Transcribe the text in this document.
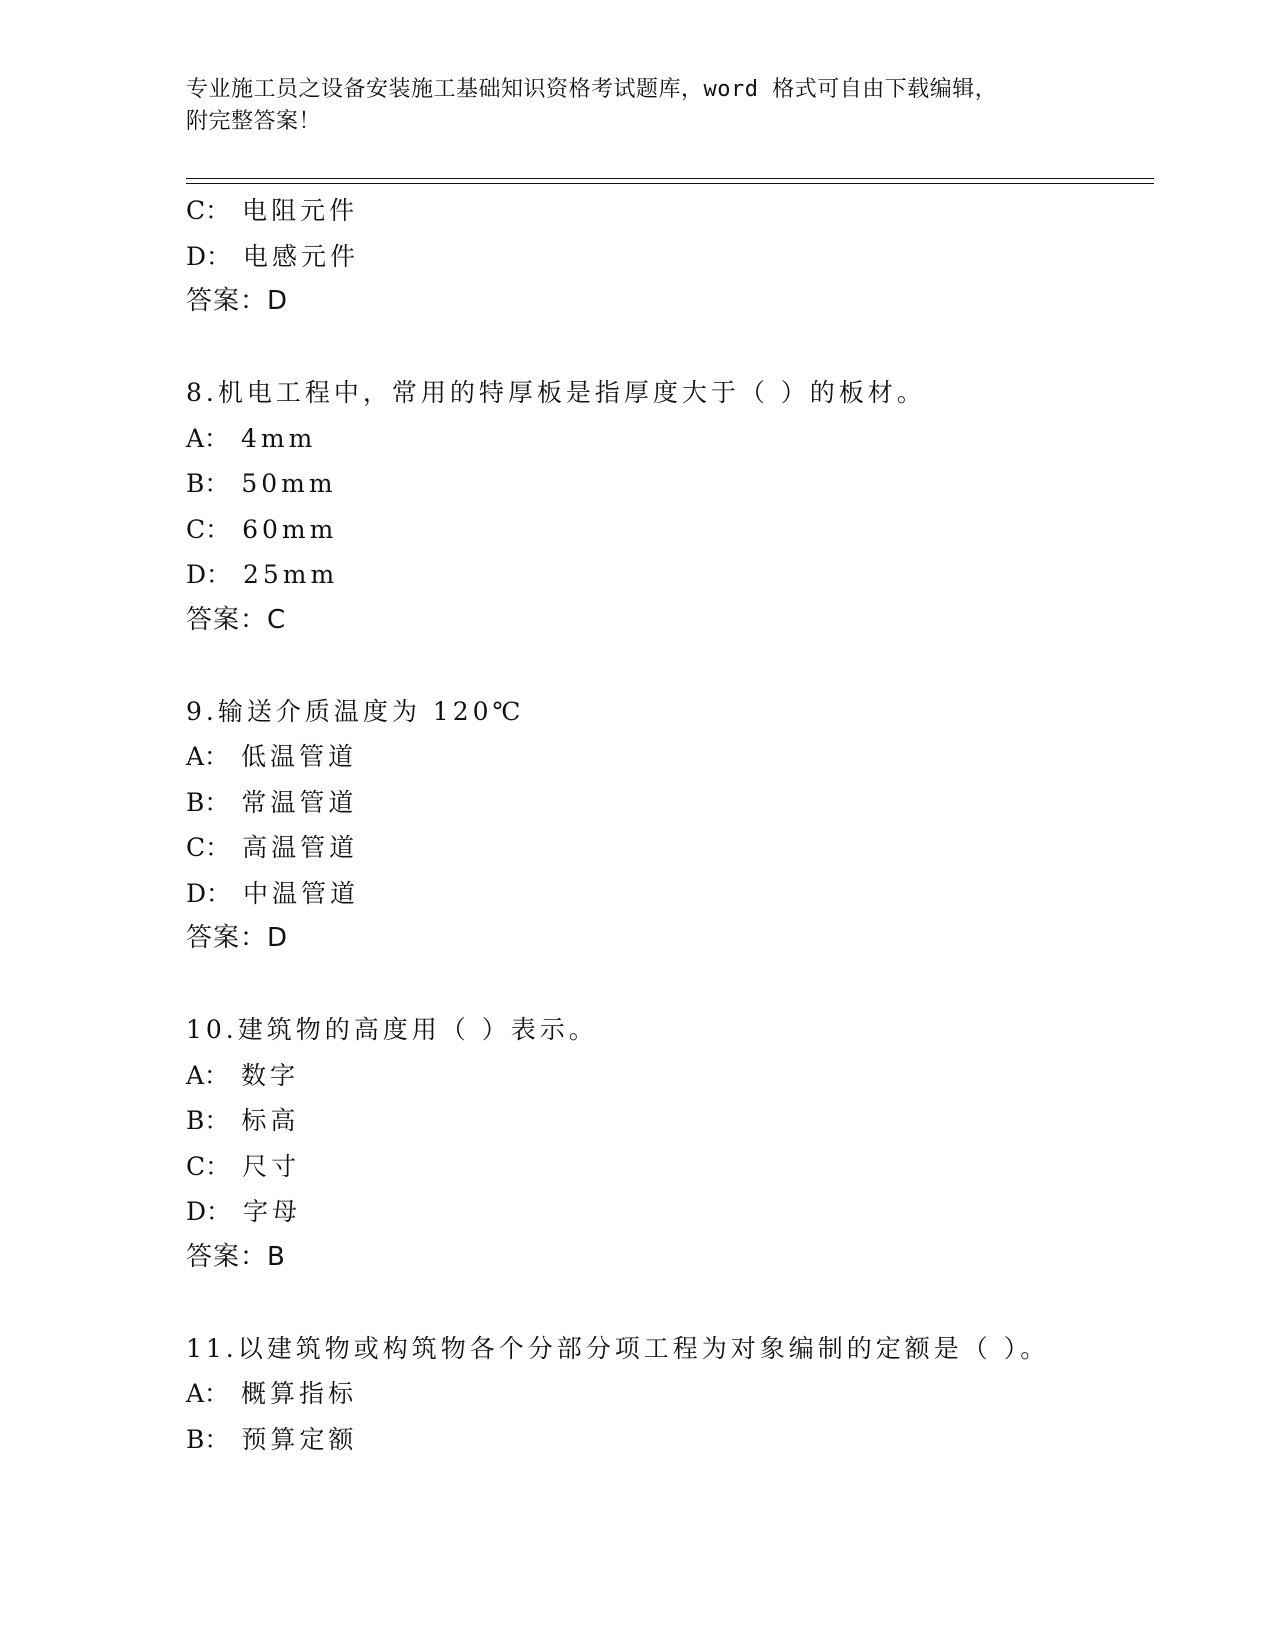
专业施工员之设备安装施工基础知识资格考试题库，word 格式可自由下载编辑，
附完整答案！
C： 电阻元件
D： 电感元件
答案：D
8.机电工程中，常用的特厚板是指厚度大于（ ）的板材。
A： 4mm
B： 50mm
C： 60mm
D： 25mm
答案：C
9.输送介质温度为 120℃
A： 低温管道
B： 常温管道
C： 高温管道
D： 中温管道
答案：D
10.建筑物的高度用（ ）表示。
A： 数字
B： 标高
C： 尺寸
D： 字母
答案：B
11.以建筑物或构筑物各个分部分项工程为对象编制的定额是（ ）。
A： 概算指标
B： 预算定额
